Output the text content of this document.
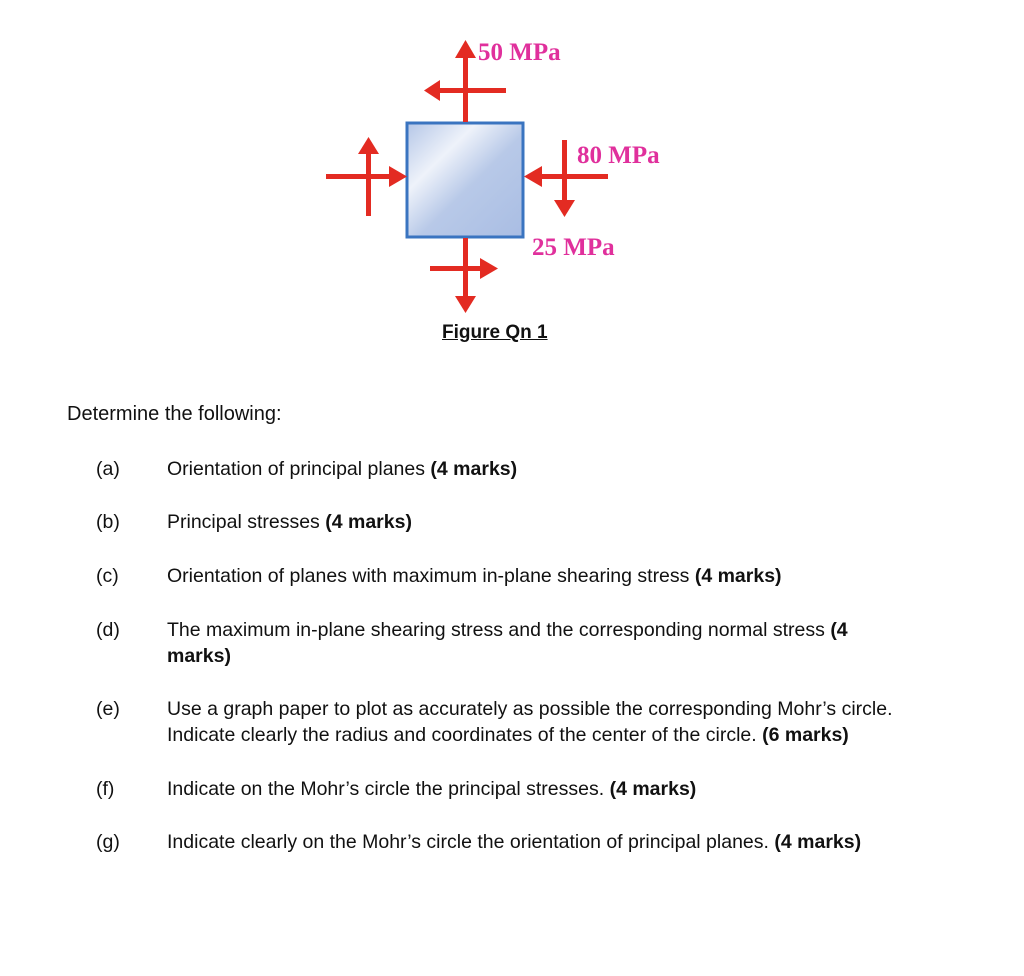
50 MPa
80 MPa
25 MPa
Figure Qn 1
Determine the following:
(a) Orientation of principal planes (4 marks)
(b) Principal stresses (4 marks)
(c) Orientation of planes with maximum in-plane shearing stress (4 marks)
(d) The maximum in-plane shearing stress and the corresponding normal stress (4 marks)
(e) Use a graph paper to plot as accurately as possible the corresponding Mohr’s circle. Indicate clearly the radius and coordinates of the center of the circle. (6 marks)
(f)	Indicate on the Mohr’s circle the principal stresses. (4 marks)
(g) Indicate clearly on the Mohr’s circle the orientation of principal planes. (4 marks)
